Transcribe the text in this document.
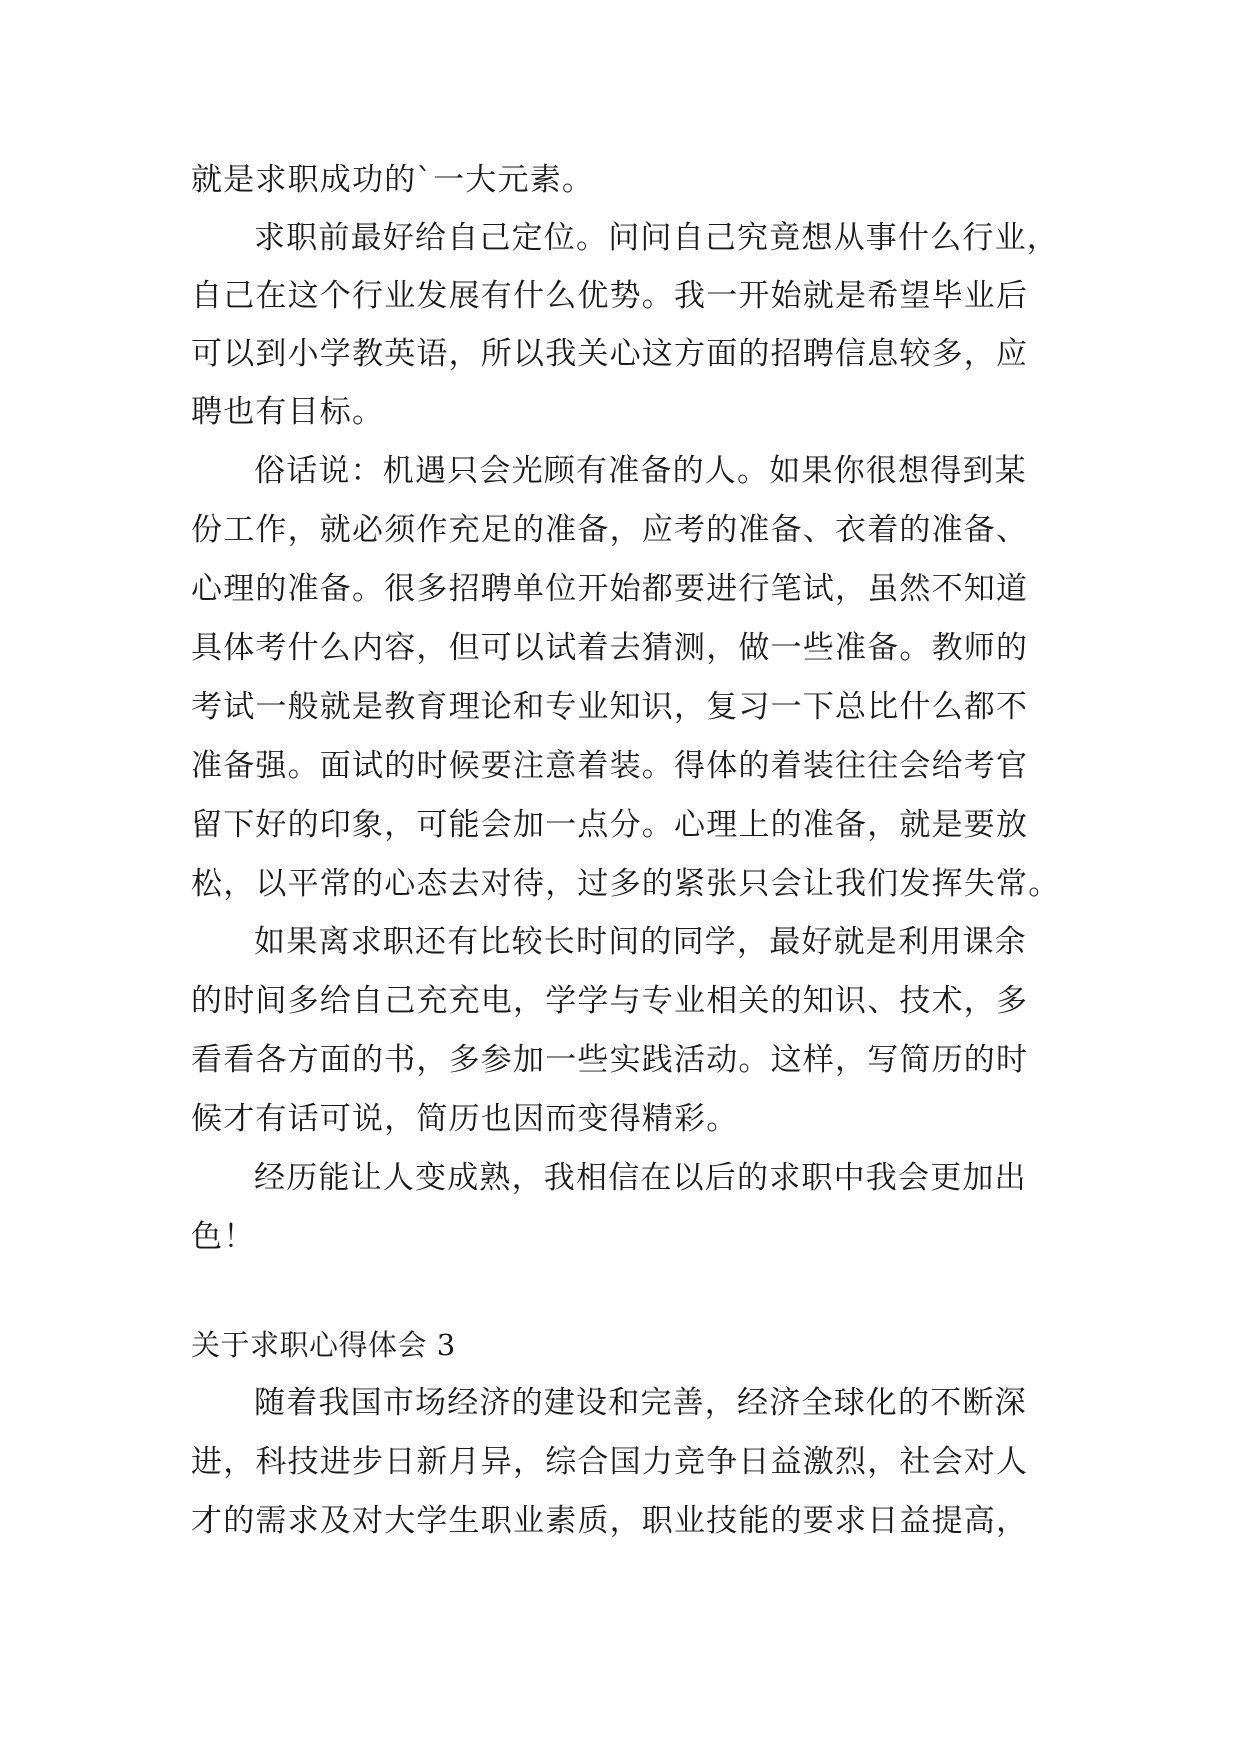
就是求职成功的`一大元素。
求职前最好给自己定位。问问自己究竟想从事什么行业，
自己在这个行业发展有什么优势。我一开始就是希望毕业后
可以到小学教英语，所以我关心这方面的招聘信息较多，应
聘也有目标。
俗话说：机遇只会光顾有准备的人。如果你很想得到某
份工作，就必须作充足的准备，应考的准备、衣着的准备、
心理的准备。很多招聘单位开始都要进行笔试，虽然不知道
具体考什么内容，但可以试着去猜测，做一些准备。教师的
考试一般就是教育理论和专业知识，复习一下总比什么都不
准备强。面试的时候要注意着装。得体的着装往往会给考官
留下好的印象，可能会加一点分。心理上的准备，就是要放
松，以平常的心态去对待，过多的紧张只会让我们发挥失常。
如果离求职还有比较长时间的同学，最好就是利用课余
的时间多给自己充充电，学学与专业相关的知识、技术，多
看看各方面的书，多参加一些实践活动。这样，写简历的时
候才有话可说，简历也因而变得精彩。
经历能让人变成熟，我相信在以后的求职中我会更加出
色！
关于求职心得体会 3
随着我国市场经济的建设和完善，经济全球化的不断深
进，科技进步日新月异，综合国力竞争日益激烈，社会对人
才的需求及对大学生职业素质，职业技能的要求日益提高，
